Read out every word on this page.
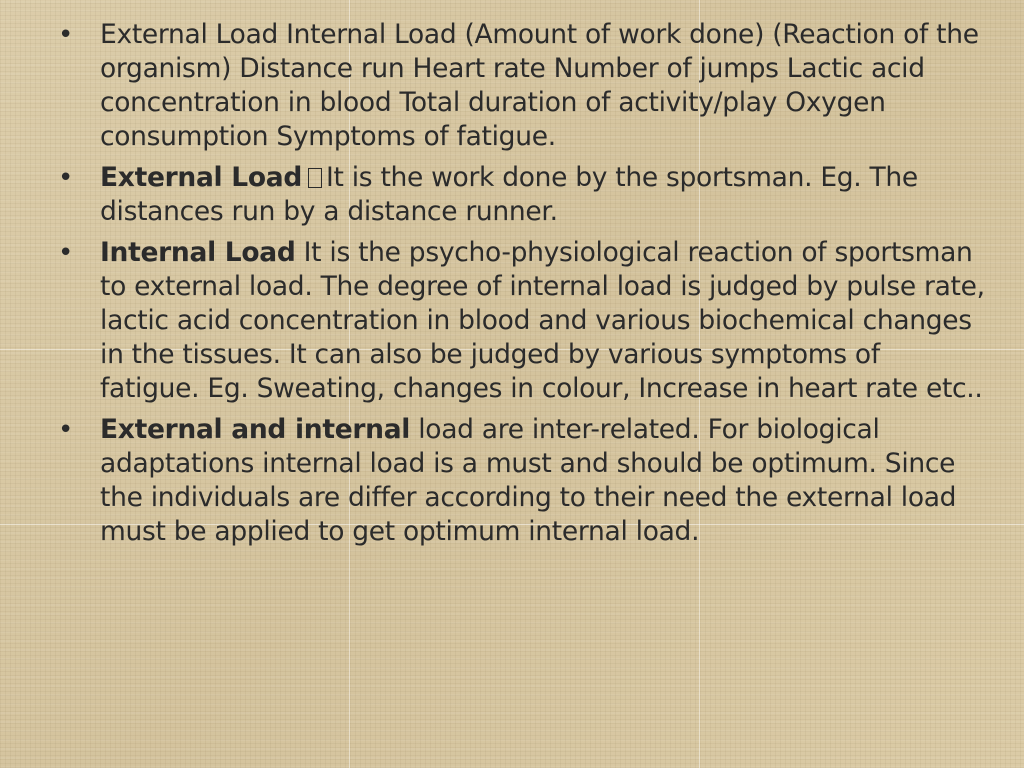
• External Load Internal Load (Amount of work done) (Reaction of the organism) Distance run Heart rate Number of jumps Lactic acid concentration in blood Total duration of activity/play Oxygen consumption Symptoms of fatigue.
• External Load It is the work done by the sportsman. Eg. The distances run by a distance runner.
• Internal Load It is the psycho-physiological reaction of sportsman to external load. The degree of internal load is judged by pulse rate, lactic acid concentration in blood and various biochemical changes in the tissues. It can also be judged by various symptoms of fatigue. Eg. Sweating, changes in colour, Increase in heart rate etc..
• External and internal load are inter-related. For biological adaptations internal load is a must and should be optimum. Since the individuals are differ according to their need the external load must be applied to get optimum internal load.
